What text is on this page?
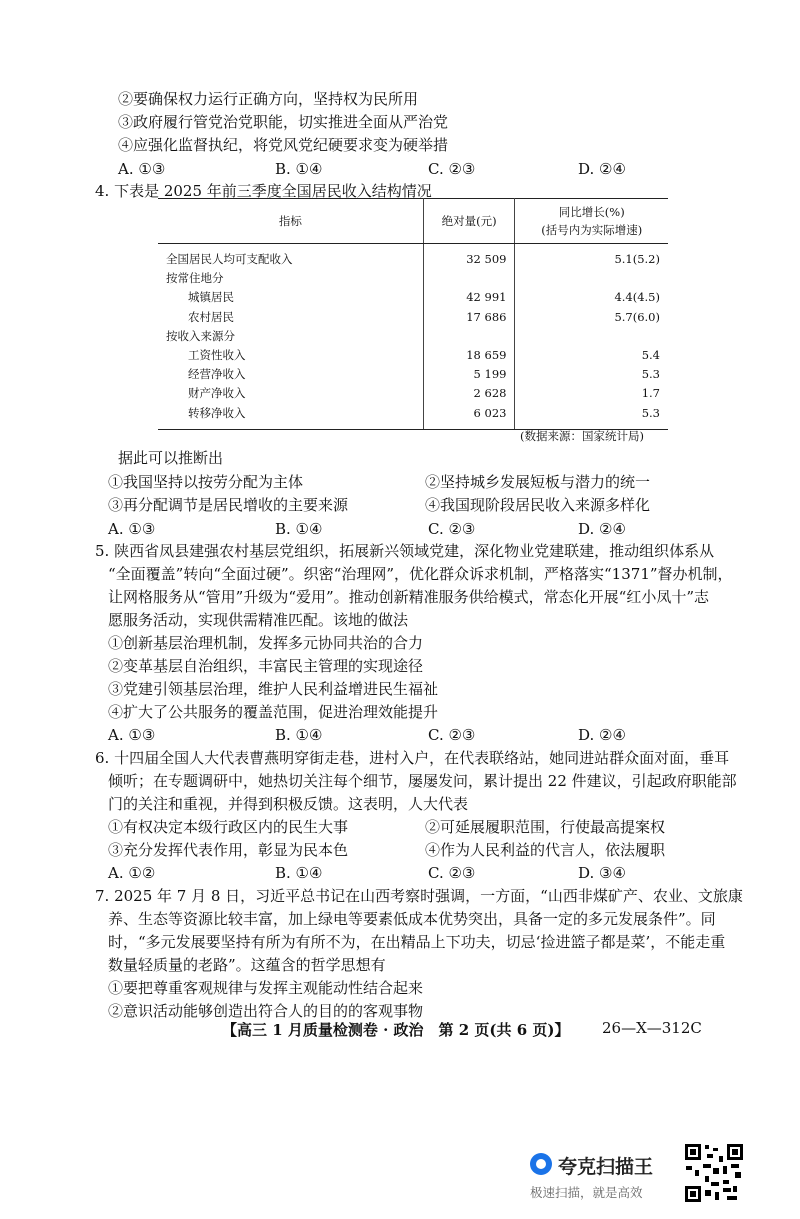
②要确保权力运行正确方向，坚持权为民所用
③政府履行管党治党职能，切实推进全面从严治党
④应强化监督执纪，将党风党纪硬要求变为硬举措
A. ①③	B. ①④	C. ②③	D. ②④
4. 下表是 2025 年前三季度全国居民收入结构情况
指标	绝对量(元)	同比增长(%)
(括号内为实际增速)

全国居民人均可支配收入	32 509	5.1(5.2)
按常住地分		
城镇居民	42 991	4.4(4.5)
农村居民	17 686	5.7(6.0)
按收入来源分		
工资性收入	18 659	5.4
经营净收入	5 199	5.3
财产净收入	2 628	1.7
转移净收入	6 023	5.3
(数据来源：国家统计局)
据此可以推断出
①我国坚持以按劳分配为主体	②坚持城乡发展短板与潜力的统一
③再分配调节是居民增收的主要来源	④我国现阶段居民收入来源多样化
A. ①③	B. ①④	C. ②③	D. ②④
5. 陕西省凤县建强农村基层党组织，拓展新兴领域党建，深化物业党建联建，推动组织体系从
“全面覆盖”转向“全面过硬”。织密“治理网”，优化群众诉求机制，严格落实“1371”督办机制，
让网格服务从“管用”升级为“爱用”。推动创新精准服务供给模式，常态化开展“红小凤十”志
愿服务活动，实现供需精准匹配。该地的做法
①创新基层治理机制，发挥多元协同共治的合力
②变革基层自治组织，丰富民主管理的实现途径
③党建引领基层治理，维护人民利益增进民生福祉
④扩大了公共服务的覆盖范围，促进治理效能提升
A. ①③	B. ①④	C. ②③	D. ②④
6. 十四届全国人大代表曹燕明穿街走巷，进村入户，在代表联络站，她同进站群众面对面，垂耳
倾听；在专题调研中，她热切关注每个细节，屡屡发问，累计提出 22 件建议，引起政府职能部
门的关注和重视，并得到积极反馈。这表明，人大代表
①有权决定本级行政区内的民生大事	②可延展履职范围，行使最高提案权
③充分发挥代表作用，彰显为民本色	④作为人民利益的代言人，依法履职
A. ①②	B. ①④	C. ②③	D. ③④
7. 2025 年 7 月 8 日，习近平总书记在山西考察时强调，一方面，“山西非煤矿产、农业、文旅康
养、生态等资源比较丰富，加上绿电等要素低成本优势突出，具备一定的多元发展条件”。同
时，“多元发展要坚持有所为有所不为，在出精品上下功夫，切忌‘捡进篮子都是菜’，不能走重
数量轻质量的老路”。这蕴含的哲学思想有
①要把尊重客观规律与发挥主观能动性结合起来
②意识活动能够创造出符合人的目的的客观事物
【高三 1 月质量检测卷 · 政治　第 2 页(共 6 页)】 26—X—312C
夸克扫描王
极速扫描，就是高效
